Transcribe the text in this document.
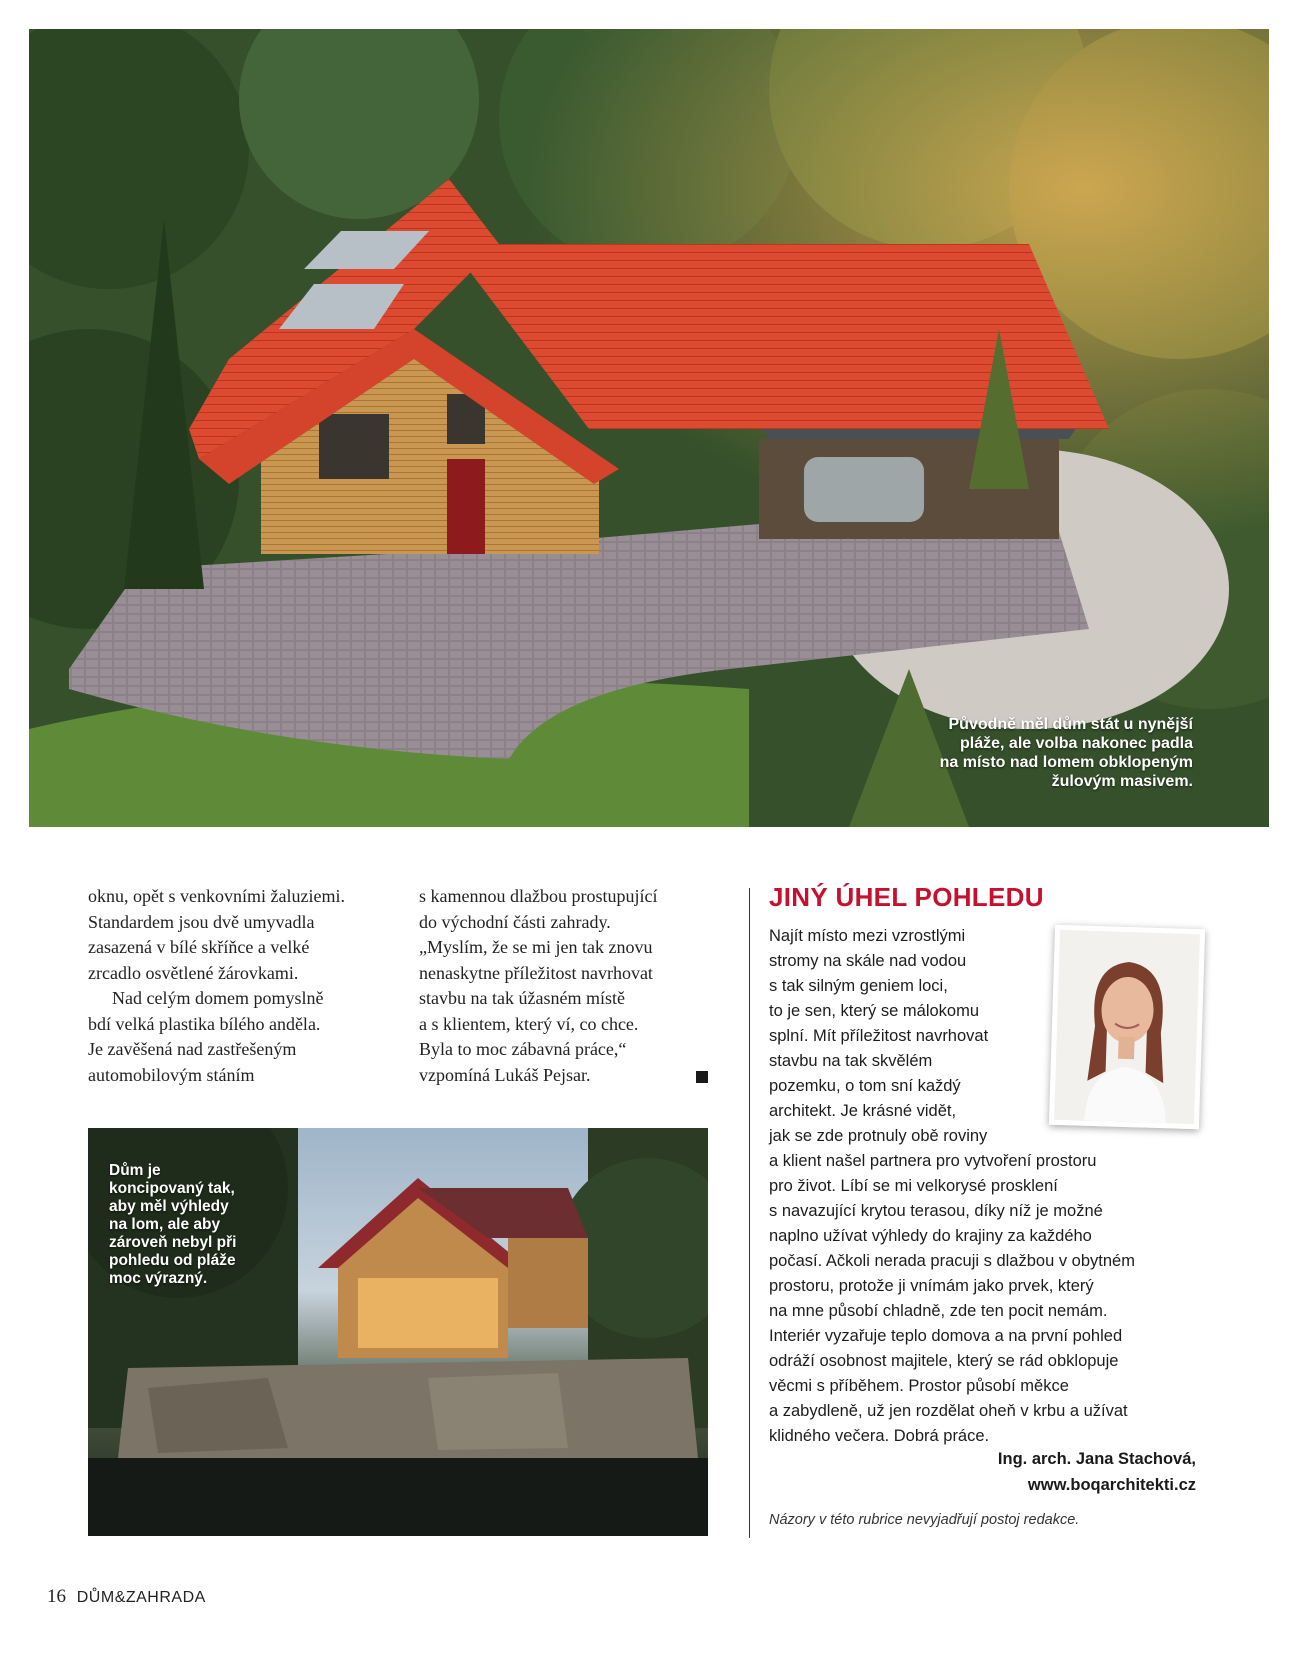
Původně měl dům stát u nynější
pláže, ale volba nakonec padla
na místo nad lomem obklopeným
žulovým masivem.

oknu, opět s venkovními žaluziemi.
Standardem jsou dvě umyvadla
zasazená v bílé skříňce a velké
zrcadlo osvětlené žárovkami.

Nad celým domem pomyslně
bdí velká plastika bílého anděla.
Je zavěšená nad zastřešeným
automobilovým stáním

s kamennou dlažbou prostupující
do východní části zahrady.
„Myslím, že se mi jen tak znovu
nenaskytne příležitost navrhovat
stavbu na tak úžasném místě
a s klientem, který ví, co chce.
Byla to moc zábavná práce,“
vzpomíná Lukáš Pejsar.

Dům je
koncipovaný tak,
aby měl výhledy
na lom, ale aby
zároveň nebyl při
pohledu od pláže
moc výrazný.
JINÝ ÚHEL POHLEDU
Najít místo mezi vzrostlými
stromy na skále nad vodou
s tak silným geniem loci,
to je sen, který se málokomu
splní. Mít příležitost navrhovat
stavbu na tak skvělém
pozemku, o tom sní každý
architekt. Je krásné vidět,
jak se zde protnuly obě roviny
a klient našel partnera pro vytvoření prostoru
pro život. Líbí se mi velkorysé prosklení
s navazující krytou terasou, díky níž je možné
naplno užívat výhledy do krajiny za každého
počasí. Ačkoli nerada pracuji s dlažbou v obytném
prostoru, protože ji vnímám jako prvek, který
na mne působí chladně, zde ten pocit nemám.
Interiér vyzařuje teplo domova a na první pohled
odráží osobnost majitele, který se rád obklopuje
věcmi s příběhem. Prostor působí měkce
a zabydleně, už jen rozdělat oheň v krbu a užívat
klidného večera. Dobrá práce.
Ing. arch. Jana Stachová,
www.boqarchitekti.cz
Názory v této rubrice nevyjadřují postoj redakce.
16 DŮM&ZAHRADA
